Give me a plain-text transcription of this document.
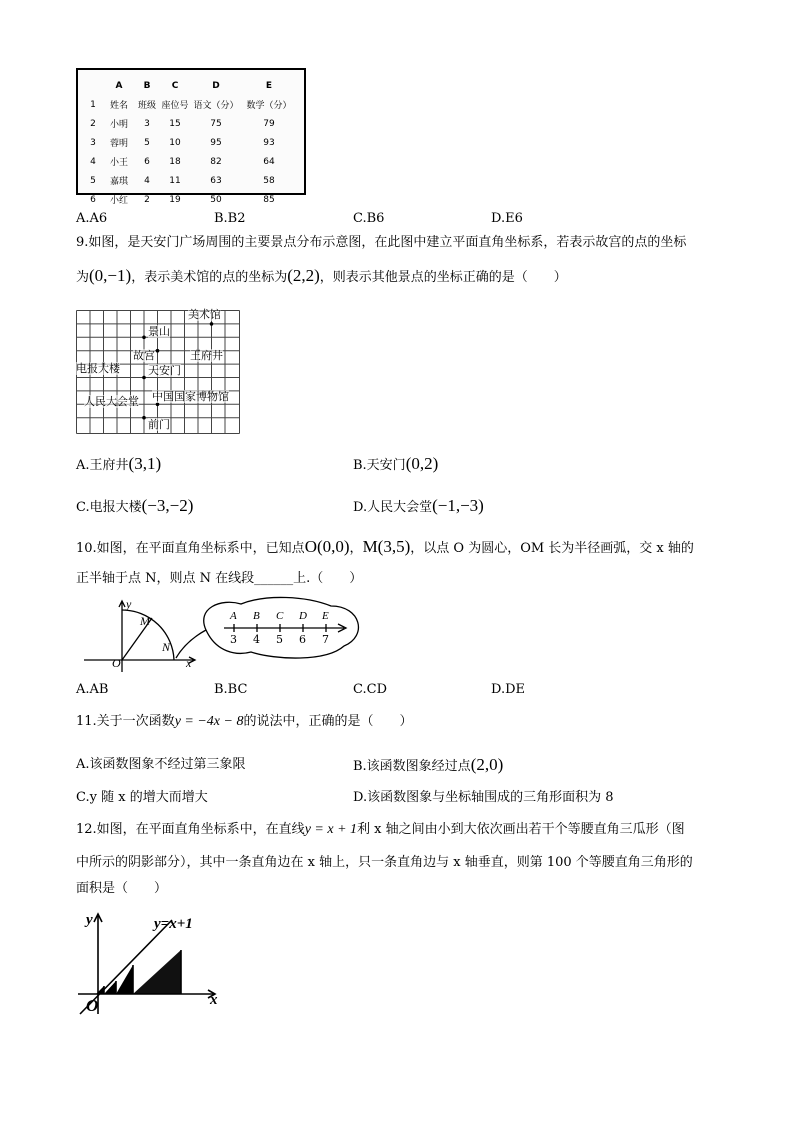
	A	B	C	D	E
1	姓名	班级	座位号	语文（分）	数学（分）
2	小明	3	15	75	79
3	蓉明	5	10	95	93
4	小王	6	18	82	64
5	嘉琪	4	11	63	58
6	小红	2	19	50	85
A.A6	B.B2	C.B6	D.E6
9.如图，是天安门广场周围的主要景点分布示意图，在此图中建立平面直角坐标系，若表示故宫的点的坐标
为(0,−1)，表示美术馆的点的坐标为(2,2)，则表示其他景点的坐标正确的是（　　）
美术馆
景山
故宫	王府井
电报大楼	天安门
人民大会堂 中国国家博物馆
前门
A.王府井(3,1)	B.天安门(0,2)
C.电报大楼(−3,−2)	D.人民大会堂(−1,−3)
10.如图，在平面直角坐标系中，已知点O(0,0)，M(3,5)，以点 O 为圆心，OM 长为半径画弧，交 x 轴的
正半轴于点 N，则点 N 在线段______上.（　　）
y
M
N
O	x
A B C D E
3 4 5 6 7
A.AB	B.BC	C.CD	D.DE
11.关于一次函数y = −4x − 8的说法中，正确的是（　　）
A.该函数图象不经过第三象限	B.该函数图象经过点(2,0)
C.y 随 x 的增大而增大	D.该函数图象与坐标轴围成的三角形面积为 8
12.如图，在平面直角坐标系中，在直线y = x + 1利 x 轴之间由小到大依次画出若干个等腰直角三瓜形（图
中所示的阴影部分），其中一条直角边在 x 轴上，只一条直角边与 x 轴垂直，则第 100 个等腰直角三角形的
面积是（　　）
y	y=x+1
O	x
